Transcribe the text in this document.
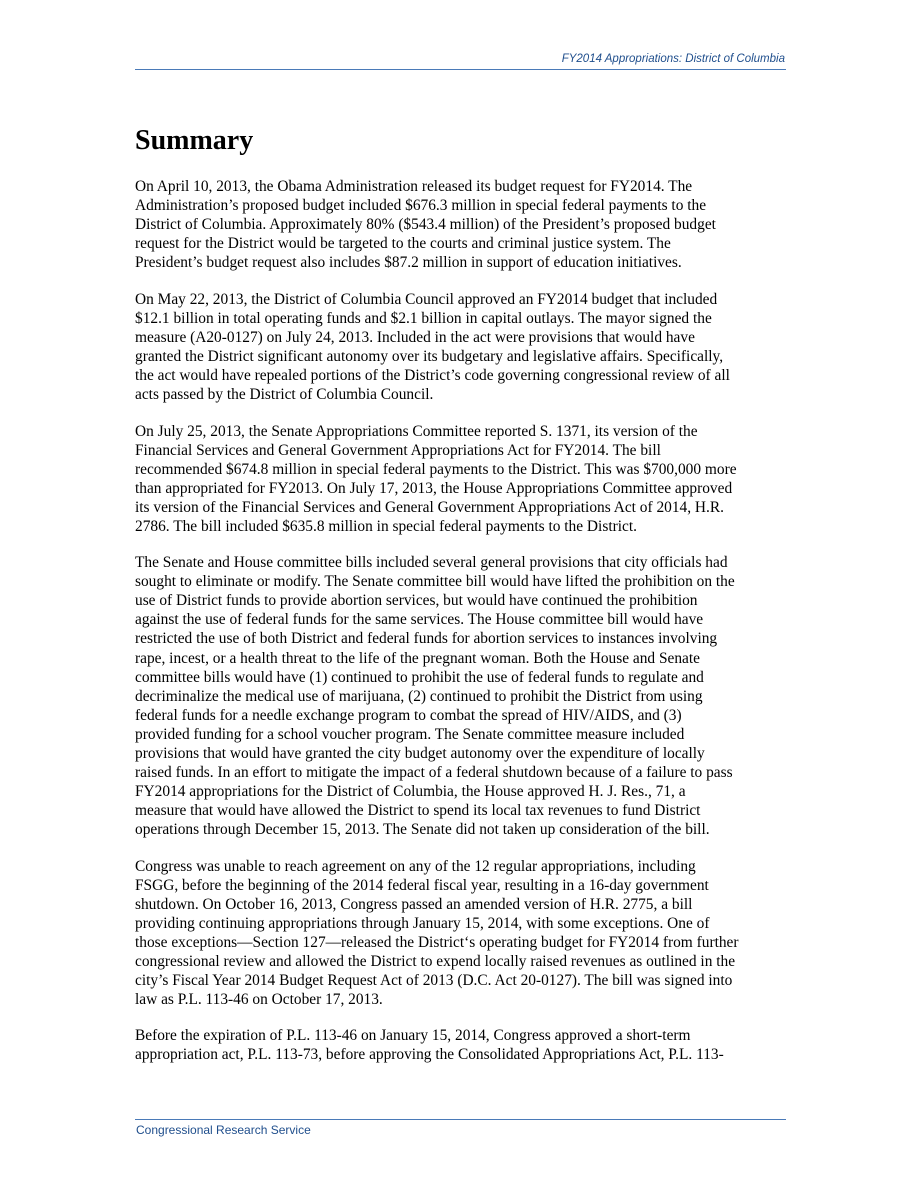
FY2014 Appropriations: District of Columbia
Summary

On April 10, 2013, the Obama Administration released its budget request for FY2014. The
Administration’s proposed budget included $676.3 million in special federal payments to the
District of Columbia. Approximately 80% ($543.4 million) of the President’s proposed budget
request for the District would be targeted to the courts and criminal justice system. The
President’s budget request also includes $87.2 million in support of education initiatives.

On May 22, 2013, the District of Columbia Council approved an FY2014 budget that included
$12.1 billion in total operating funds and $2.1 billion in capital outlays. The mayor signed the
measure (A20-0127) on July 24, 2013. Included in the act were provisions that would have
granted the District significant autonomy over its budgetary and legislative affairs. Specifically,
the act would have repealed portions of the District’s code governing congressional review of all
acts passed by the District of Columbia Council.

On July 25, 2013, the Senate Appropriations Committee reported S. 1371, its version of the
Financial Services and General Government Appropriations Act for FY2014. The bill
recommended $674.8 million in special federal payments to the District. This was $700,000 more
than appropriated for FY2013. On July 17, 2013, the House Appropriations Committee approved
its version of the Financial Services and General Government Appropriations Act of 2014, H.R.
2786. The bill included $635.8 million in special federal payments to the District.

The Senate and House committee bills included several general provisions that city officials had
sought to eliminate or modify. The Senate committee bill would have lifted the prohibition on the
use of District funds to provide abortion services, but would have continued the prohibition
against the use of federal funds for the same services. The House committee bill would have
restricted the use of both District and federal funds for abortion services to instances involving
rape, incest, or a health threat to the life of the pregnant woman. Both the House and Senate
committee bills would have (1) continued to prohibit the use of federal funds to regulate and
decriminalize the medical use of marijuana, (2) continued to prohibit the District from using
federal funds for a needle exchange program to combat the spread of HIV/AIDS, and (3)
provided funding for a school voucher program. The Senate committee measure included
provisions that would have granted the city budget autonomy over the expenditure of locally
raised funds. In an effort to mitigate the impact of a federal shutdown because of a failure to pass
FY2014 appropriations for the District of Columbia, the House approved H. J. Res., 71, a
measure that would have allowed the District to spend its local tax revenues to fund District
operations through December 15, 2013. The Senate did not taken up consideration of the bill.

Congress was unable to reach agreement on any of the 12 regular appropriations, including
FSGG, before the beginning of the 2014 federal fiscal year, resulting in a 16-day government
shutdown. On October 16, 2013, Congress passed an amended version of H.R. 2775, a bill
providing continuing appropriations through January 15, 2014, with some exceptions. One of
those exceptions—Section 127—released the District‘s operating budget for FY2014 from further
congressional review and allowed the District to expend locally raised revenues as outlined in the
city’s Fiscal Year 2014 Budget Request Act of 2013 (D.C. Act 20-0127). The bill was signed into
law as P.L. 113-46 on October 17, 2013.

Before the expiration of P.L. 113-46 on January 15, 2014, Congress approved a short-term
appropriation act, P.L. 113-73, before approving the Consolidated Appropriations Act, P.L. 113-

Congressional Research Service
